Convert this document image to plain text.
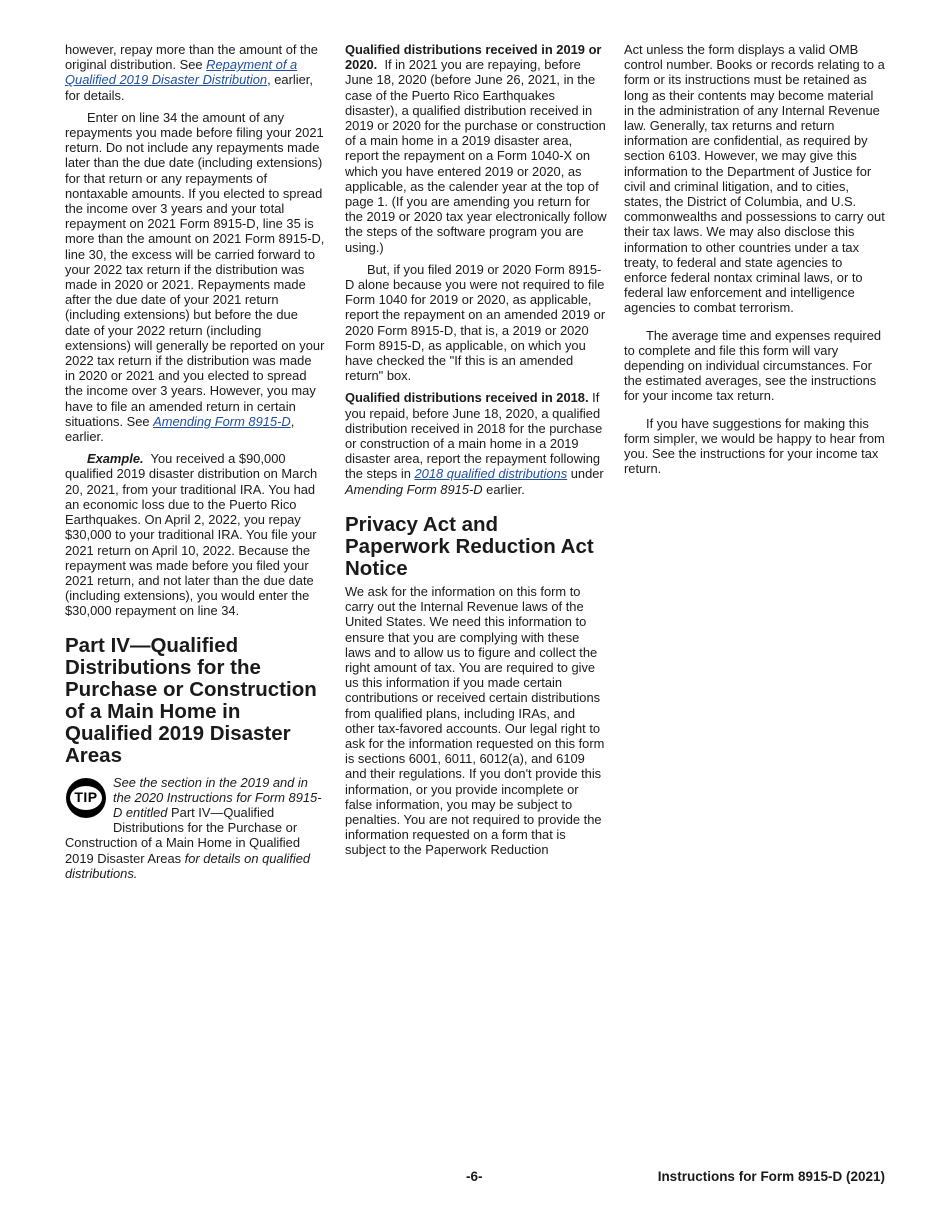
however, repay more than the amount of the original distribution. See Repayment of a Qualified 2019 Disaster Distribution, earlier, for details.

Enter on line 34 the amount of any repayments you made before filing your 2021 return. Do not include any repayments made later than the due date (including extensions) for that return or any repayments of nontaxable amounts. If you elected to spread the income over 3 years and your total repayment on 2021 Form 8915-D, line 35 is more than the amount on 2021 Form 8915-D, line 30, the excess will be carried forward to your 2022 tax return if the distribution was made in 2020 or 2021. Repayments made after the due date of your 2021 return (including extensions) but before the due date of your 2022 return (including extensions) will generally be reported on your 2022 tax return if the distribution was made in 2020 or 2021 and you elected to spread the income over 3 years. However, you may have to file an amended return in certain situations. See Amending Form 8915-D, earlier.

Example. You received a $90,000 qualified 2019 disaster distribution on March 20, 2021, from your traditional IRA. You had an economic loss due to the Puerto Rico Earthquakes. On April 2, 2022, you repay $30,000 to your traditional IRA. You file your 2021 return on April 10, 2022. Because the repayment was made before you filed your 2021 return, and not later than the due date (including extensions), you would enter the $30,000 repayment on line 34.

Part IV—Qualified Distributions for the Purchase or Construction of a Main Home in Qualified 2019 Disaster Areas
TIP

See the section in the 2019 and in the 2020 Instructions for Form 8915-D entitled Part IV—Qualified Distributions for the Purchase or Construction of a Main Home in Qualified 2019 Disaster Areas for details on qualified distributions.

Qualified distributions received in 2019 or 2020. If in 2021 you are repaying, before June 18, 2020 (before June 26, 2021, in the case of the Puerto Rico Earthquakes disaster), a qualified distribution received in 2019 or 2020 for the purchase or construction of a main home in a 2019 disaster area, report the repayment on a Form 1040-X on which you have entered 2019 or 2020, as applicable, as the calender year at the top of page 1. (If you are amending you return for the 2019 or 2020 tax year electronically follow the steps of the software program you are using.)

But, if you filed 2019 or 2020 Form 8915-D alone because you were not required to file Form 1040 for 2019 or 2020, as applicable, report the repayment on an amended 2019 or 2020 Form 8915-D, that is, a 2019 or 2020 Form 8915-D, as applicable, on which you have checked the "If this is an amended return" box.

Qualified distributions received in 2018. If you repaid, before June 18, 2020, a qualified distribution received in 2018 for the purchase or construction of a main home in a 2019 disaster area, report the repayment following the steps in 2018 qualified distributions under Amending Form 8915-D earlier.

Privacy Act and Paperwork Reduction Act Notice

We ask for the information on this form to carry out the Internal Revenue laws of the United States. We need this information to ensure that you are complying with these laws and to allow us to figure and collect the right amount of tax. You are required to give us this information if you made certain contributions or received certain distributions from qualified plans, including IRAs, and other tax-favored accounts. Our legal right to ask for the information requested on this form is sections 6001, 6011, 6012(a), and 6109 and their regulations. If you don't provide this information, or you provide incomplete or false information, you may be subject to penalties. You are not required to provide the information requested on a form that is subject to the Paperwork Reduction

Act unless the form displays a valid OMB control number. Books or records relating to a form or its instructions must be retained as long as their contents may become material in the administration of any Internal Revenue law. Generally, tax returns and return information are confidential, as required by section 6103. However, we may give this information to the Department of Justice for civil and criminal litigation, and to cities, states, the District of Columbia, and U.S. commonwealths and possessions to carry out their tax laws. We may also disclose this information to other countries under a tax treaty, to federal and state agencies to enforce federal nontax criminal laws, or to federal law enforcement and intelligence agencies to combat terrorism.

The average time and expenses required to complete and file this form will vary depending on individual circumstances. For the estimated averages, see the instructions for your income tax return.

If you have suggestions for making this form simpler, we would be happy to hear from you. See the instructions for your income tax return.

-6-	Instructions for Form 8915-D (2021)
